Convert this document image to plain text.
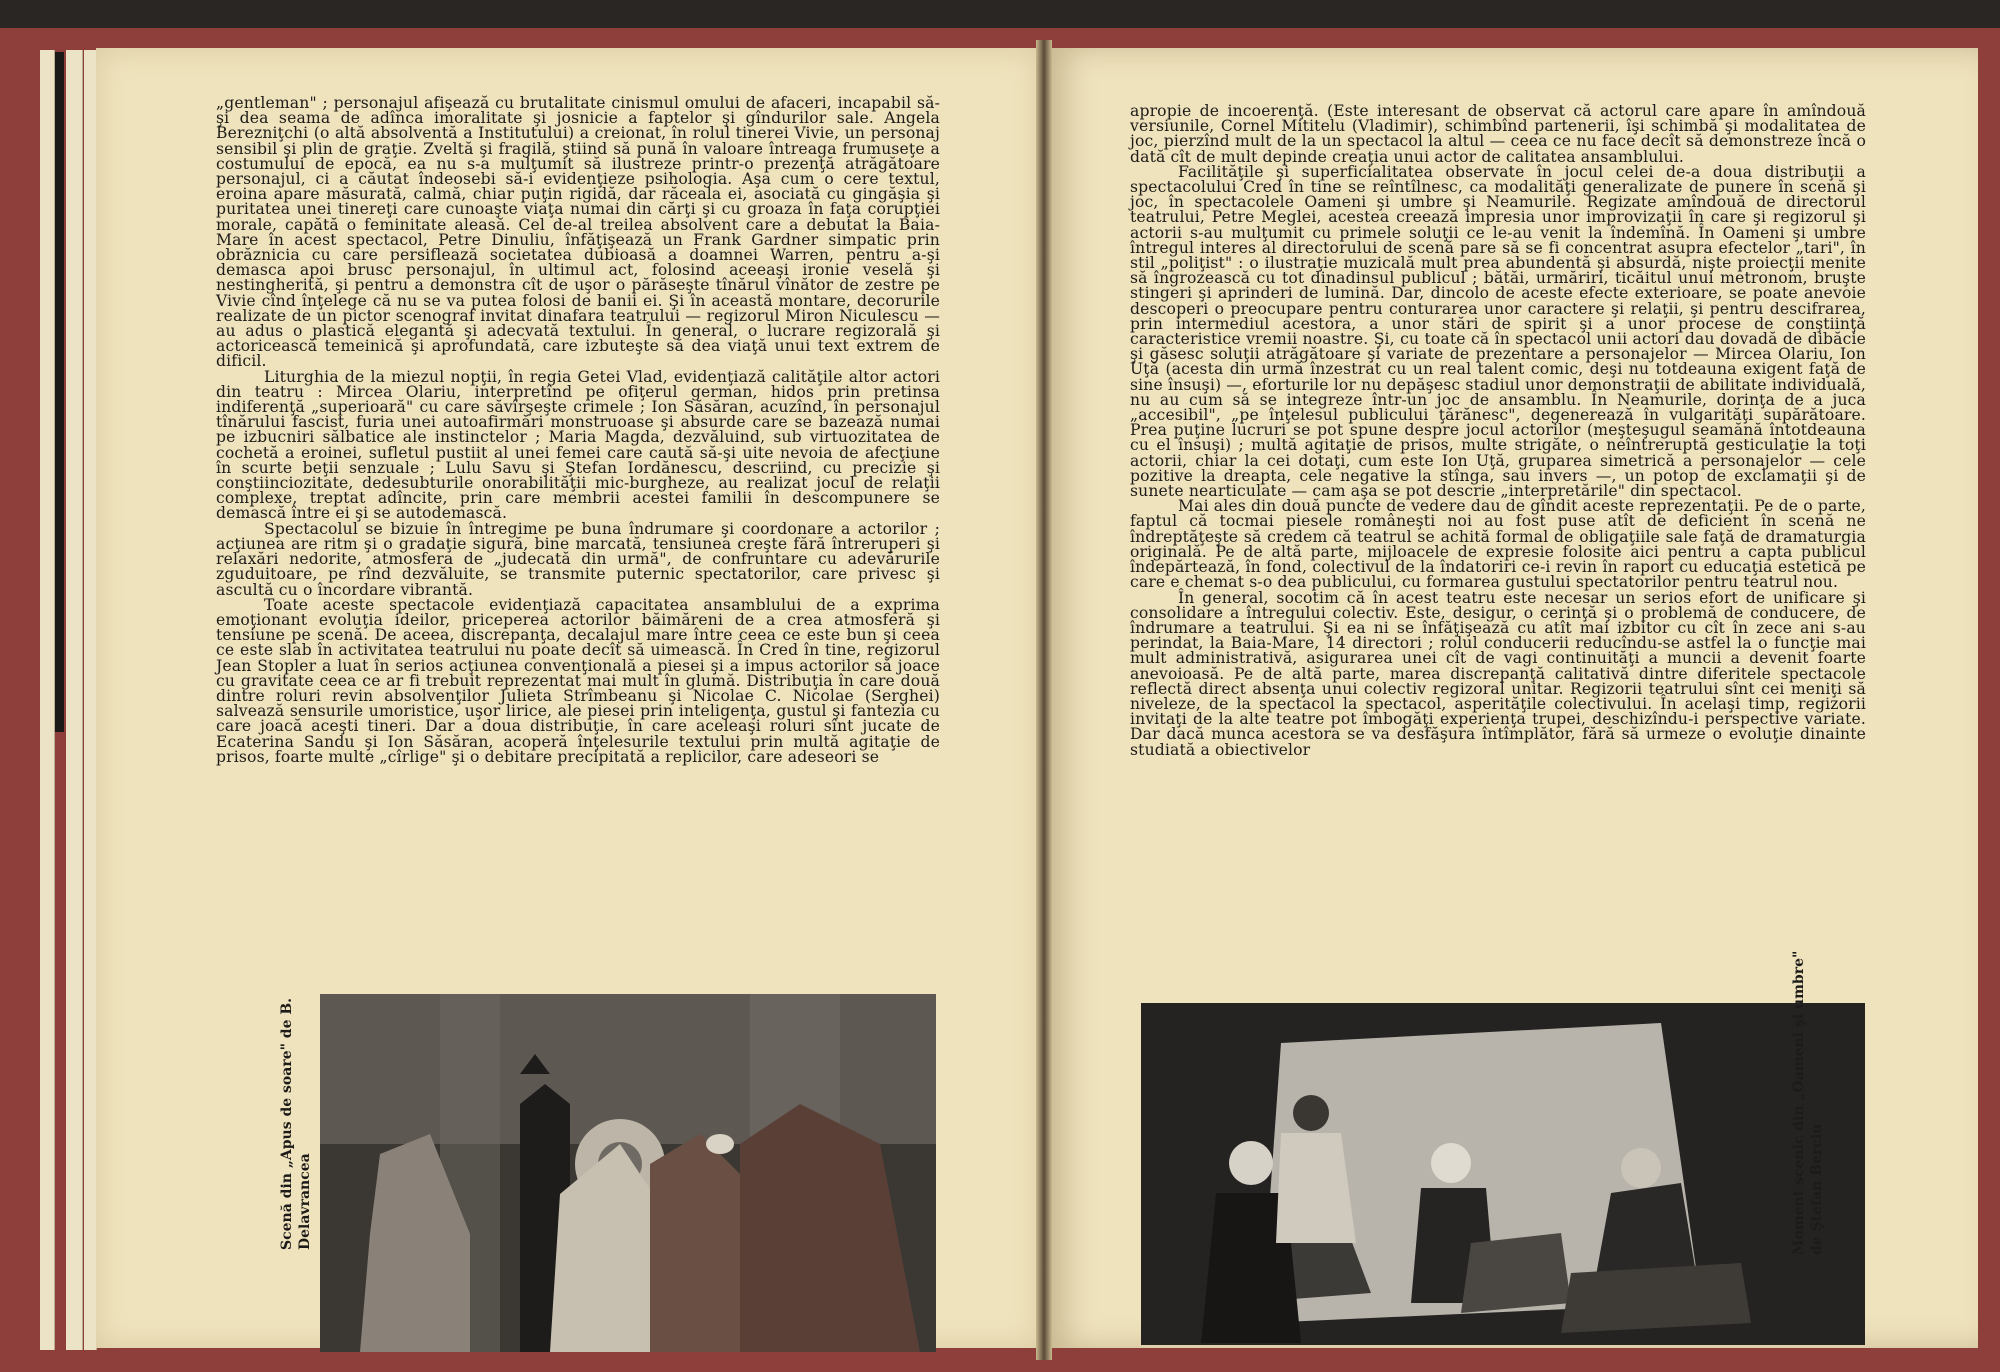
„gentleman" ; personajul afişează cu brutalitate cinismul omului de afaceri, incapabil să-şi dea seama de adînca imoralitate şi josnicie a faptelor şi gîndurilor sale. Angela Berezniţchi (o altă absolventă a Institutului) a creionat, în rolul tinerei Vivie, un personaj sensibil şi plin de graţie. Zveltă şi fragilă, ştiind să pună în valoare întreaga frumuseţe a costumului de epocă, ea nu s-a mulţumit să ilustreze printr-o prezenţă atrăgătoare personajul, ci a căutat îndeosebi să-i evidenţieze psihologia. Aşa cum o cere textul, eroina apare măsurată, calmă, chiar puţin rigidă, dar răceala ei, asociată cu gingăşia şi puritatea unei tinereţi care cunoaşte viaţa numai din cărţi şi cu groaza în faţa corupţiei morale, capătă o feminitate aleasă. Cel de-al treilea absolvent care a debutat la Baia-Mare în acest spectacol, Petre Dinuliu, înfăţişează un Frank Gardner simpatic prin obrăznicia cu care persiflează societatea dubioasă a doamnei Warren, pentru a-şi demasca apoi brusc personajul, în ultimul act, folosind aceeaşi ironie veselă şi nestingherită, şi pentru a demonstra cît de uşor o părăseşte tînărul vînător de zestre pe Vivie cînd înţelege că nu se va putea folosi de banii ei. Şi în această montare, decorurile realizate de un pictor scenograf invitat dinafara teatrului — regizorul Miron Niculescu — au adus o plastică elegantă şi adecvată textului. În general, o lucrare regizorală şi actoricească temeinică şi aprofundată, care izbuteşte să dea viaţă unui text extrem de dificil.

Liturghia de la miezul nopţii, în regia Getei Vlad, evidenţiază calităţile altor actori din teatru : Mircea Olariu, interpretînd pe ofiţerul german, hidos prin pretinsa indiferenţă „superioară" cu care săvîrşeşte crimele ; Ion Săsăran, acuzînd, în personajul tînărului fascist, furia unei autoafirmări monstruoase şi absurde care se bazează numai pe izbucniri sălbatice ale instinctelor ; Maria Magda, dezvăluind, sub virtuozitatea de cochetă a eroinei, sufletul pustiit al unei femei care caută să-şi uite nevoia de afecţiune în scurte beţii senzuale ; Lulu Savu şi Ştefan Iordănescu, descriind, cu precizie şi conştiinciozitate, dedesubturile onorabilităţii mic-burgheze, au realizat jocul de relaţii complexe, treptat adîncite, prin care membrii acestei familii în descompunere se demască între ei şi se autodemască.

Spectacolul se bizuie în întregime pe buna îndrumare şi coordonare a actorilor ; acţiunea are ritm şi o gradaţie sigură, bine marcată, tensiunea creşte fără întreruperi şi relaxări nedorite, atmosfera de „judecată din urmă", de confruntare cu adevărurile zguduitoare, pe rînd dezvăluite, se transmite puternic spectatorilor, care privesc şi ascultă cu o încordare vibrantă.

Toate aceste spectacole evidenţiază capacitatea ansamblului de a exprima emoţionant evoluţia ideilor, priceperea actorilor băimăreni de a crea atmosferă şi tensiune pe scenă. De aceea, discrepanţa, decalajul mare între ceea ce este bun şi ceea ce este slab în activitatea teatrului nu poate decît să uimească. În Cred în tine, regizorul Jean Stopler a luat în serios acţiunea convenţională a piesei şi a impus actorilor să joace cu gravitate ceea ce ar fi trebuit reprezentat mai mult în glumă. Distribuţia în care două dintre roluri revin absolvenţilor Julieta Strîmbeanu şi Nicolae C. Nicolae (Serghei) salvează sensurile umoristice, uşor lirice, ale piesei prin inteligenţa, gustul şi fantezia cu care joacă aceşti tineri. Dar a doua distribuţie, în care aceleaşi roluri sînt jucate de Ecaterina Sandu şi Ion Săsăran, acoperă înţelesurile textului prin multă agitaţie de prisos, foarte multe „cîrlige" şi o debitare precipitată a replicilor, care adeseori se

Scenă din „Apus de soare" de B. Delavrancea

apropie de incoerenţă. (Este interesant de observat că actorul care apare în amîndouă versiunile, Cornel Mititelu (Vladimir), schimbînd partenerii, îşi schimbă şi modalitatea de joc, pierzînd mult de la un spectacol la altul — ceea ce nu face decît să demonstreze încă o dată cît de mult depinde creaţia unui actor de calitatea ansamblului.

Facilităţile şi superficialitatea observate în jocul celei de-a doua distribuţii a spectacolului Cred în tine se reîntîlnesc, ca modalităţi generalizate de punere în scenă şi joc, în spectacolele Oameni şi umbre şi Neamurile. Regizate amîndouă de directorul teatrului, Petre Meglei, acestea creează impresia unor improvizaţii în care şi regizorul şi actorii s-au mulţumit cu primele soluţii ce le-au venit la îndemînă. În Oameni şi umbre întregul interes al directorului de scenă pare să se fi concentrat asupra efectelor „tari", în stil „poliţist" : o ilustraţie muzicală mult prea abundentă şi absurdă, nişte proiecţii menite să îngrozească cu tot dinadinsul publicul ; bătăi, urmăriri, ticăitul unui metronom, bruşte stingeri şi aprinderi de lumină. Dar, dincolo de aceste efecte exterioare, se poate anevoie descoperi o preocupare pentru conturarea unor caractere şi relaţii, şi pentru descifrarea, prin intermediul acestora, a unor stări de spirit şi a unor procese de conştiinţă caracteristice vremii noastre. Şi, cu toate că în spectacol unii actori dau dovadă de dibăcie şi găsesc soluţii atrăgătoare şi variate de prezentare a personajelor — Mircea Olariu, Ion Uţă (acesta din urmă înzestrat cu un real talent comic, deşi nu totdeauna exigent faţă de sine însuşi) —, eforturile lor nu depăşesc stadiul unor demonstraţii de abilitate individuală, nu au cum să se integreze într-un joc de ansamblu. În Neamurile, dorinţa de a juca „accesibil", „pe înţelesul publicului ţărănesc", degenerează în vulgarităţi supărătoare. Prea puţine lucruri se pot spune despre jocul actorilor (meşteşugul seamănă întotdeauna cu el însuşi) ; multă agitaţie de prisos, multe strigăte, o neîntreruptă gesticulaţie la toţi actorii, chiar la cei dotaţi, cum este Ion Uţă, gruparea simetrică a personajelor — cele pozitive la dreapta, cele negative la stînga, sau invers —, un potop de exclamaţii şi de sunete nearticulate — cam aşa se pot descrie „interpretările" din spectacol.

Mai ales din două puncte de vedere dau de gîndit aceste reprezentaţii. Pe de o parte, faptul că tocmai piesele româneşti noi au fost puse atît de deficient în scenă ne îndreptăţeşte să credem că teatrul se achită formal de obligaţiile sale faţă de dramaturgia originală. Pe de altă parte, mijloacele de expresie folosite aici pentru a capta publicul îndepărtează, în fond, colectivul de la îndatoriri ce-i revin în raport cu educaţia estetică pe care e chemat s-o dea publicului, cu formarea gustului spectatorilor pentru teatrul nou.

În general, socotim că în acest teatru este necesar un serios efort de unificare şi consolidare a întregului colectiv. Este, desigur, o cerinţă şi o problemă de conducere, de îndrumare a teatrului. Şi ea ni se înfăţişează cu atît mai izbitor cu cît în zece ani s-au perindat, la Baia-Mare, 14 directori ; rolul conducerii reducîndu-se astfel la o funcţie mai mult administrativă, asigurarea unei cît de vagi continuităţi a muncii a devenit foarte anevoioasă. Pe de altă parte, marea discrepanţă calitativă dintre diferitele spectacole reflectă direct absenţa unui colectiv regizoral unitar. Regizorii teatrului sînt cei meniţi să niveleze, de la spectacol la spectacol, asperităţile colectivului. În acelaşi timp, regizorii invitaţi de la alte teatre pot îmbogăţi experienţa trupei, deschizîndu-i perspective variate. Dar dacă munca acestora se va desfăşura întîmplător, fără să urmeze o evoluţie dinainte studiată a obiectivelor

Moment scenic din „Oameni şi umbre" de Ştefan Berciu
